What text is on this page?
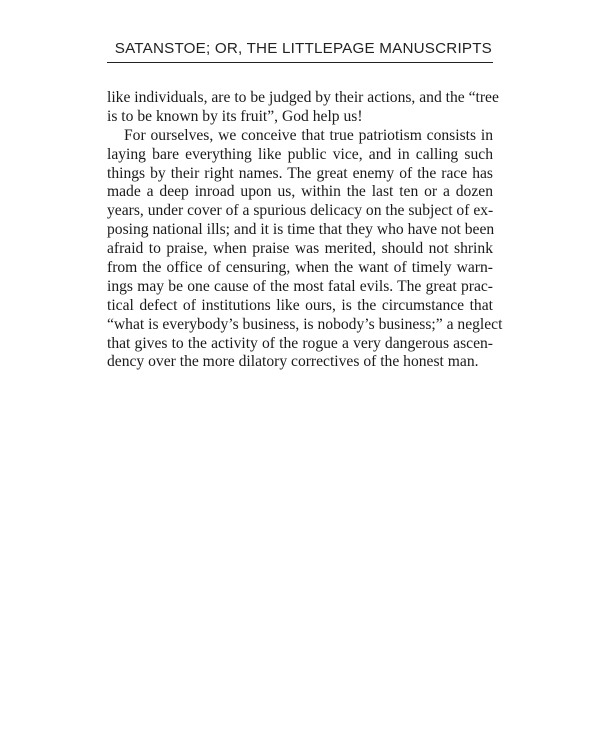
SATANSTOE; OR, THE LITTLEPAGE MANUSCRIPTS
like individuals, are to be judged by their actions, and the “tree
is to be known by its fruit”, God help us!
For ourselves, we conceive that true patriotism consists in
laying bare everything like public vice, and in calling such
things by their right names. The great enemy of the race has
made a deep inroad upon us, within the last ten or a dozen
years, under cover of a spurious delicacy on the subject of ex-
posing national ills; and it is time that they who have not been
afraid to praise, when praise was merited, should not shrink
from the office of censuring, when the want of timely warn-
ings may be one cause of the most fatal evils. The great prac-
tical defect of institutions like ours, is the circumstance that
“what is everybody’s business, is nobody’s business;” a neglect
that gives to the activity of the rogue a very dangerous ascen-
dency over the more dilatory correctives of the honest man.
